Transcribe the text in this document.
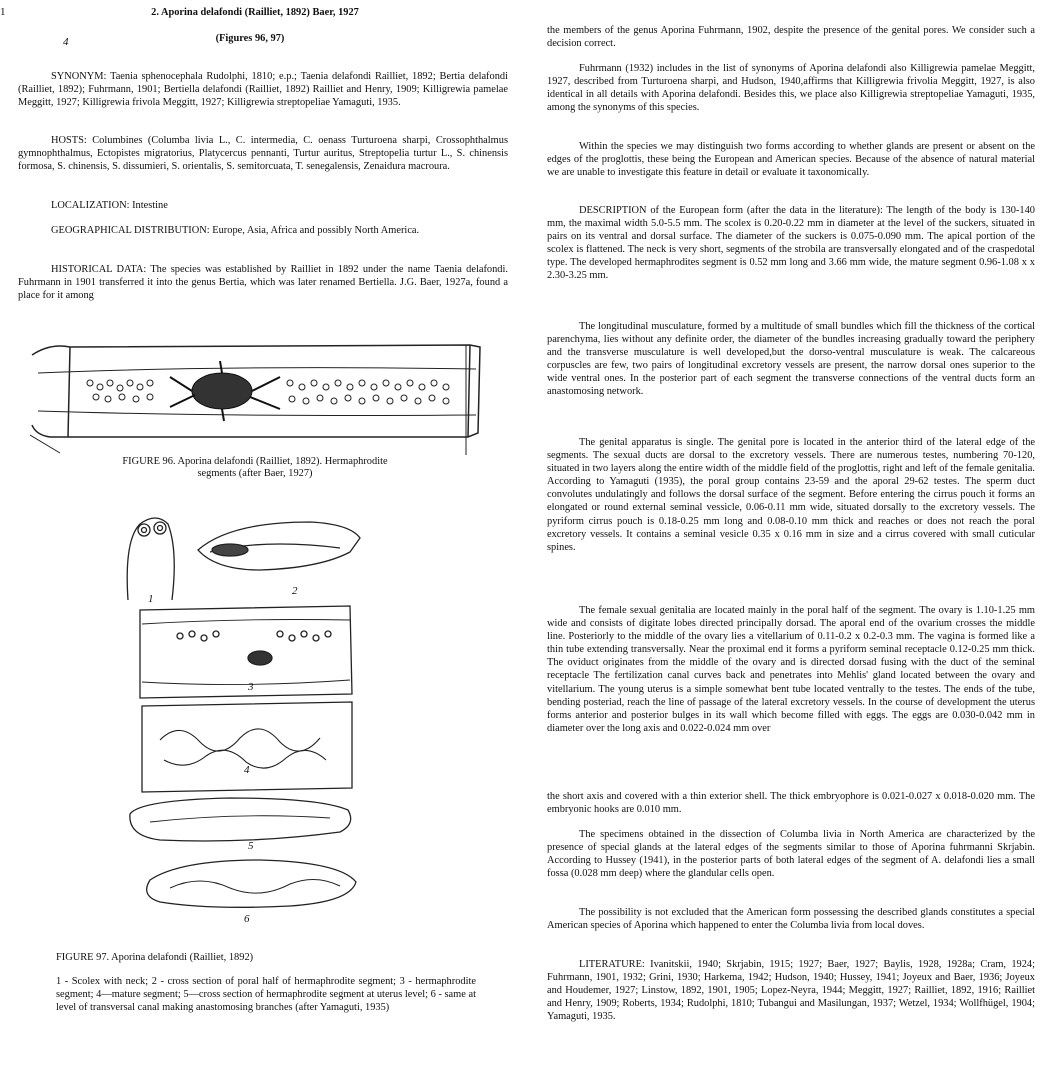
1
4

2. Aporina delafondi (Railliet, 1892) Baer, 1927

(Figures 96, 97)

SYNONYM: Taenia sphenocephala Rudolphi, 1810; e.p.; Taenia delafondi Railliet, 1892; Bertia delafondi (Railliet, 1892); Fuhrmann, 1901; Bertiella delafondi (Railliet, 1892) Railliet and Henry, 1909; Killigrewia pamelae Meggitt, 1927; Killigrewia frivola Meggitt, 1927; Killigrewia streptopeliae Yamaguti, 1935.

HOSTS: Columbines (Columba livia L., C. intermedia, C. oenass Turturoena sharpi, Crossophthalmus gymnophthalmus, Ectopistes migratorius, Platycercus pennanti, Turtur auritus, Streptopelia turtur L., S. chinensis formosa, S. chinensis, S. dissumieri, S. orientalis, S. semitorcuata, T. senegalensis, Zenaidura macroura.

LOCALIZATION: Intestine

GEOGRAPHICAL DISTRIBUTION: Europe, Asia, Africa and possibly North America.

HISTORICAL DATA: The species was established by Railliet in 1892 under the name Taenia delafondi. Fuhrmann in 1901 transferred it into the genus Bertia, which was later renamed Bertiella. J.G. Baer, 1927a, found a place for it among

FIGURE 96. Aporina delafondi (Railliet, 1892). Hermaphrodite

segments (after Baer, 1927)

1
2
3
4
5
6

FIGURE 97. Aporina delafondi (Railliet, 1892)

1 - Scolex with neck; 2 - cross section of poral half of hermaphrodite segment; 3 - hermaphrodite segment; 4—mature segment; 5—cross section of hermaphrodite segment at uterus level; 6 - same at level of transversal canal making anastomosing branches (after Yamaguti, 1935)

the members of the genus Aporina Fuhrmann, 1902, despite the presence of the genital pores. We consider such a decision correct.

Fuhrmann (1932) includes in the list of synonyms of Aporina delafondi also Killigrewia pamelae Meggitt, 1927, described from Turturoena sharpi, and Hudson, 1940,affirms that Killigrewia frivolia Meggitt, 1927, is also identical in all details with Aporina delafondi. Besides this, we place also Killigrewia streptopeliae Yamaguti, 1935, among the synonyms of this species.

Within the species we may distinguish two forms according to whether glands are present or absent on the edges of the proglottis, these being the European and American species. Because of the absence of natural material we are unable to investigate this feature in detail or evaluate it taxonomically.

DESCRIPTION of the European form (after the data in the literature): The length of the body is 130-140 mm, the maximal width 5.0-5.5 mm. The scolex is 0.20-0.22 mm in diameter at the level of the suckers, situated in pairs on its ventral and dorsal surface. The diameter of the suckers is 0.075-0.090 mm. The apical portion of the scolex is flattened. The neck is very short, segments of the strobila are transversally elongated and of the craspedotal type. The developed hermaphrodites segment is 0.52 mm long and 3.66 mm wide, the mature segment 0.96-1.08 x x 2.30-3.25 mm.

The longitudinal musculature, formed by a multitude of small bundles which fill the thickness of the cortical parenchyma, lies without any definite order, the diameter of the bundles increasing gradually toward the periphery and the transverse musculature is well developed,but the dorso-ventral musculature is weak. The calcareous corpuscles are few, two pairs of longitudinal excretory vessels are present, the narrow dorsal ones superior to the wide ventral ones. In the posterior part of each segment the transverse connections of the ventral ducts form an anastomosing network.

The genital apparatus is single. The genital pore is located in the anterior third of the lateral edge of the segments. The sexual ducts are dorsal to the excretory vessels. There are numerous testes, numbering 70-120, situated in two layers along the entire width of the middle field of the proglottis, right and left of the female genitalia. According to Yamaguti (1935), the poral group contains 23-59 and the aporal 29-62 testes. The sperm duct convolutes undulatingly and follows the dorsal surface of the segment. Before entering the cirrus pouch it forms an elongated or round external seminal vessicle, 0.06-0.11 mm wide, situated dorsally to the excretory vessels. The pyriform cirrus pouch is 0.18-0.25 mm long and 0.08-0.10 mm thick and reaches or does not reach the poral excretory vessels. It contains a seminal vesicle 0.35 x 0.16 mm in size and a cirrus covered with small cuticular spines.

The female sexual genitalia are located mainly in the poral half of the segment. The ovary is 1.10-1.25 mm wide and consists of digitate lobes directed principally dorsad. The aporal end of the ovarium crosses the middle line. Posteriorly to the middle of the ovary lies a vitellarium of 0.11-0.2 x 0.2-0.3 mm. The vagina is formed like a thin tube extending transversally. Near the proximal end it forms a pyriform seminal receptacle 0.12-0.25 mm thick. The oviduct originates from the middle of the ovary and is directed dorsad fusing with the duct of the seminal receptacle The fertilization canal curves back and penetrates into Mehlis' gland located between the ovary and vitellarium. The young uterus is a simple somewhat bent tube located ventrally to the testes. The ends of the tube, bending posteriad, reach the line of passage of the lateral excretory vessels. In the course of development the uterus forms anterior and posterior bulges in its wall which become filled with eggs. The eggs are 0.030-0.042 mm in diameter over the long axis and 0.022-0.024 mm over

the short axis and covered with a thin exterior shell. The thick embryophore is 0.021-0.027 x 0.018-0.020 mm. The embryonic hooks are 0.010 mm.

The specimens obtained in the dissection of Columba livia in North America are characterized by the presence of special glands at the lateral edges of the segments similar to those of Aporina fuhrmanni Skrjabin. According to Hussey (1941), in the posterior parts of both lateral edges of the segment of A. delafondi lies a small fossa (0.028 mm deep) where the glandular cells open.

The possibility is not excluded that the American form possessing the described glands constitutes a special American species of Aporina which happened to enter the Columba livia from local doves.

LITERATURE: Ivanitskii, 1940; Skrjabin, 1915; 1927; Baer, 1927; Baylis, 1928, 1928a; Cram, 1924; Fuhrmann, 1901, 1932; Grini, 1930; Harkema, 1942; Hudson, 1940; Hussey, 1941; Joyeux and Baer, 1936; Joyeux and Houdemer, 1927; Linstow, 1892, 1901, 1905; Lopez-Neyra, 1944; Meggitt, 1927; Railliet, 1892, 1916; Railliet and Henry, 1909; Roberts, 1934; Rudolphi, 1810; Tubangui and Masilungan, 1937; Wetzel, 1934; Wollfhügel, 1904; Yamaguti, 1935.
